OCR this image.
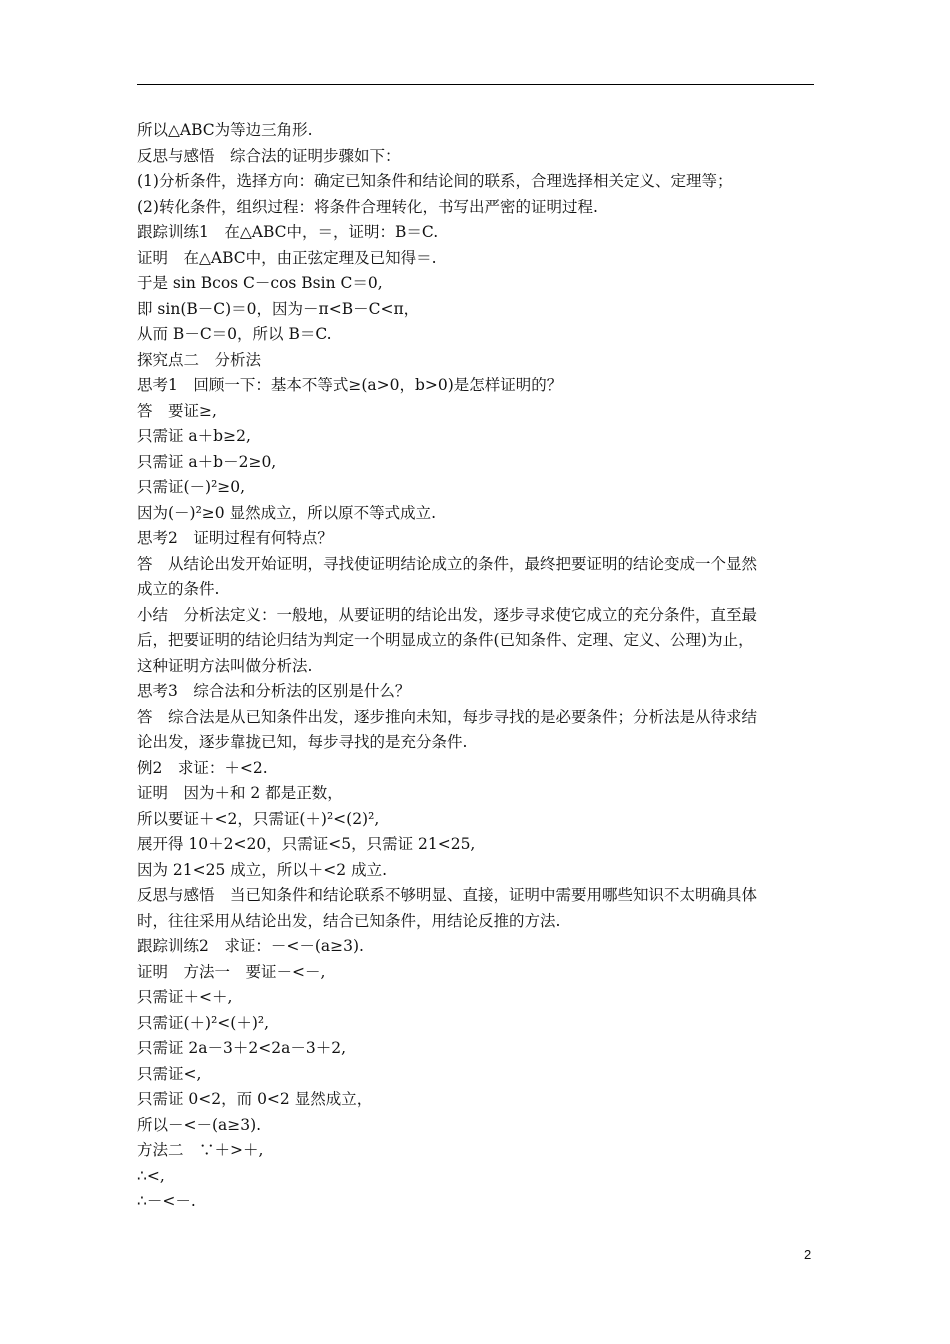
所以△ABC为等边三角形.
反思与感悟　综合法的证明步骤如下：
(1)分析条件，选择方向：确定已知条件和结论间的联系，合理选择相关定义、定理等；
(2)转化条件，组织过程：将条件合理转化，书写出严密的证明过程.
跟踪训练1　在△ABC中，＝，证明：B＝C.
证明　在△ABC中，由正弦定理及已知得＝.
于是 sin Bcos C－cos Bsin C＝0,
即 sin(B－C)＝0，因为－π<B－C<π，
从而 B－C＝0，所以 B＝C.
探究点二　分析法
思考1　回顾一下：基本不等式≥(a>0，b>0)是怎样证明的？
答　要证≥,
只需证 a＋b≥2,
只需证 a＋b－2≥0,
只需证(－)²≥0,
因为(－)²≥0 显然成立，所以原不等式成立.
思考2　证明过程有何特点？
答　从结论出发开始证明，寻找使证明结论成立的条件，最终把要证明的结论变成一个显然
成立的条件.
小结　分析法定义：一般地，从要证明的结论出发，逐步寻求使它成立的充分条件，直至最
后，把要证明的结论归结为判定一个明显成立的条件(已知条件、定理、定义、公理)为止，
这种证明方法叫做分析法.
思考3　综合法和分析法的区别是什么？
答　综合法是从已知条件出发，逐步推向未知，每步寻找的是必要条件；分析法是从待求结
论出发，逐步靠拢已知，每步寻找的是充分条件.
例2　求证：＋<2.
证明　因为＋和 2 都是正数，
所以要证＋<2，只需证(＋)²<(2)²,
展开得 10＋2<20，只需证<5，只需证 21<25,
因为 21<25 成立，所以＋<2 成立.
反思与感悟　当已知条件和结论联系不够明显、直接，证明中需要用哪些知识不太明确具体
时，往往采用从结论出发，结合已知条件，用结论反推的方法.
跟踪训练2　求证：－<－(a≥3).
证明　方法一　要证－<－,
只需证＋<＋,
只需证(＋)²<(＋)²,
只需证 2a－3＋2<2a－3＋2,
只需证<,
只需证 0<2，而 0<2 显然成立，
所以－<－(a≥3).
方法二　∵＋>＋,
∴<,
∴－<－.
2
